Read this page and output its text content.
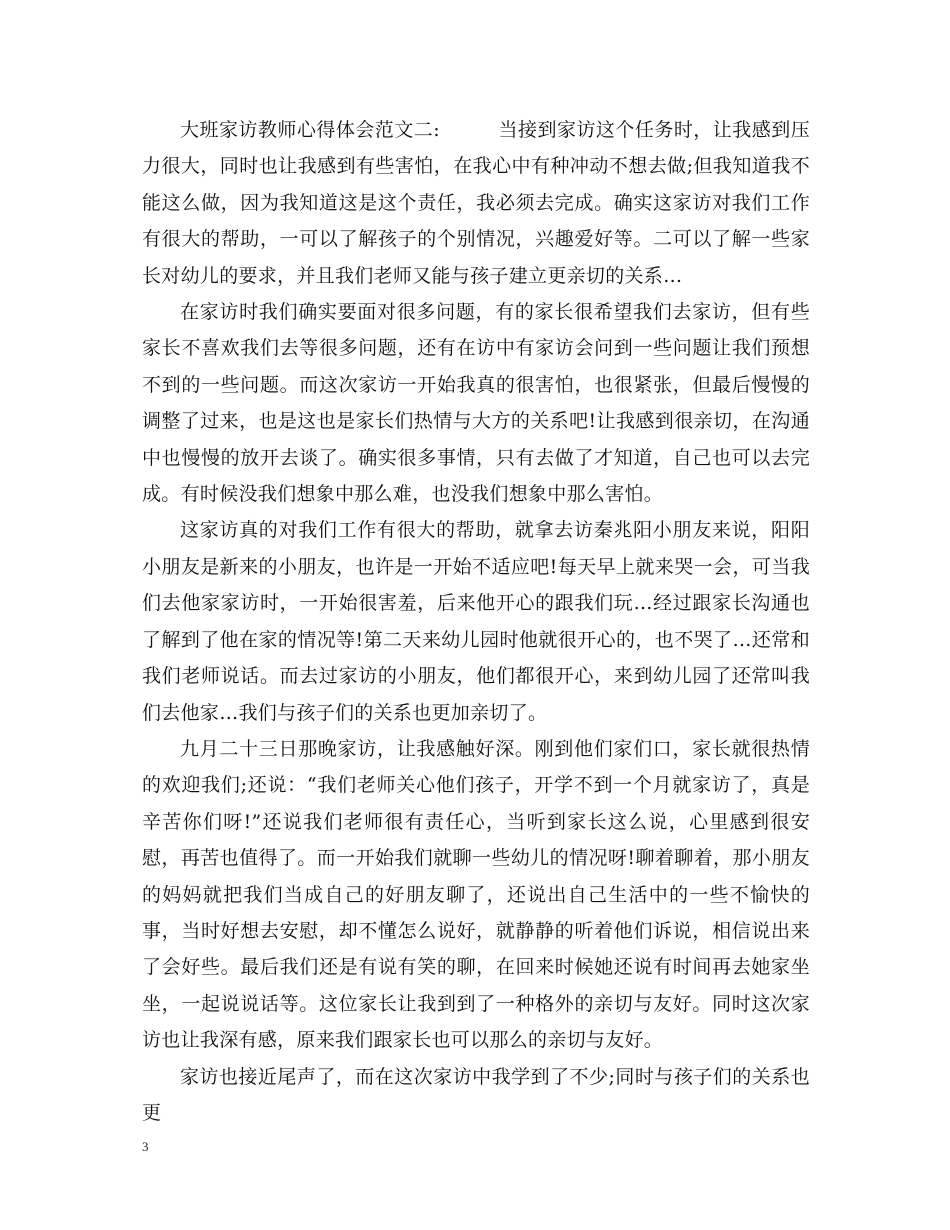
大班家访教师心得体会范文二:　　　当接到家访这个任务时，让我感到压力很大，同时也让我感到有些害怕，在我心中有种冲动不想去做;但我知道我不能这么做，因为我知道这是这个责任，我必须去完成。确实这家访对我们工作有很大的帮助，一可以了解孩子的个别情况，兴趣爱好等。二可以了解一些家长对幼儿的要求，并且我们老师又能与孩子建立更亲切的关系…

在家访时我们确实要面对很多问题，有的家长很希望我们去家访，但有些家长不喜欢我们去等很多问题，还有在访中有家访会问到一些问题让我们预想不到的一些问题。而这次家访一开始我真的很害怕，也很紧张，但最后慢慢的调整了过来，也是这也是家长们热情与大方的关系吧!让我感到很亲切，在沟通中也慢慢的放开去谈了。确实很多事情，只有去做了才知道，自己也可以去完成。有时候没我们想象中那么难，也没我们想象中那么害怕。

这家访真的对我们工作有很大的帮助，就拿去访秦兆阳小朋友来说，阳阳小朋友是新来的小朋友，也许是一开始不适应吧!每天早上就来哭一会，可当我们去他家家访时，一开始很害羞，后来他开心的跟我们玩…经过跟家长沟通也了解到了他在家的情况等!第二天来幼儿园时他就很开心的，也不哭了…还常和我们老师说话。而去过家访的小朋友，他们都很开心，来到幼儿园了还常叫我们去他家…我们与孩子们的关系也更加亲切了。

九月二十三日那晚家访，让我感触好深。刚到他们家们口，家长就很热情的欢迎我们;还说：“我们老师关心他们孩子，开学不到一个月就家访了，真是辛苦你们呀!”还说我们老师很有责任心，当听到家长这么说，心里感到很安慰，再苦也值得了。而一开始我们就聊一些幼儿的情况呀!聊着聊着，那小朋友的妈妈就把我们当成自己的好朋友聊了，还说出自己生活中的一些不愉快的事，当时好想去安慰，却不懂怎么说好，就静静的听着他们诉说，相信说出来了会好些。最后我们还是有说有笑的聊，在回来时候她还说有时间再去她家坐坐，一起说说话等。这位家长让我到到了一种格外的亲切与友好。同时这次家访也让我深有感，原来我们跟家长也可以那么的亲切与友好。

家访也接近尾声了，而在这次家访中我学到了不少;同时与孩子们的关系也更

3
